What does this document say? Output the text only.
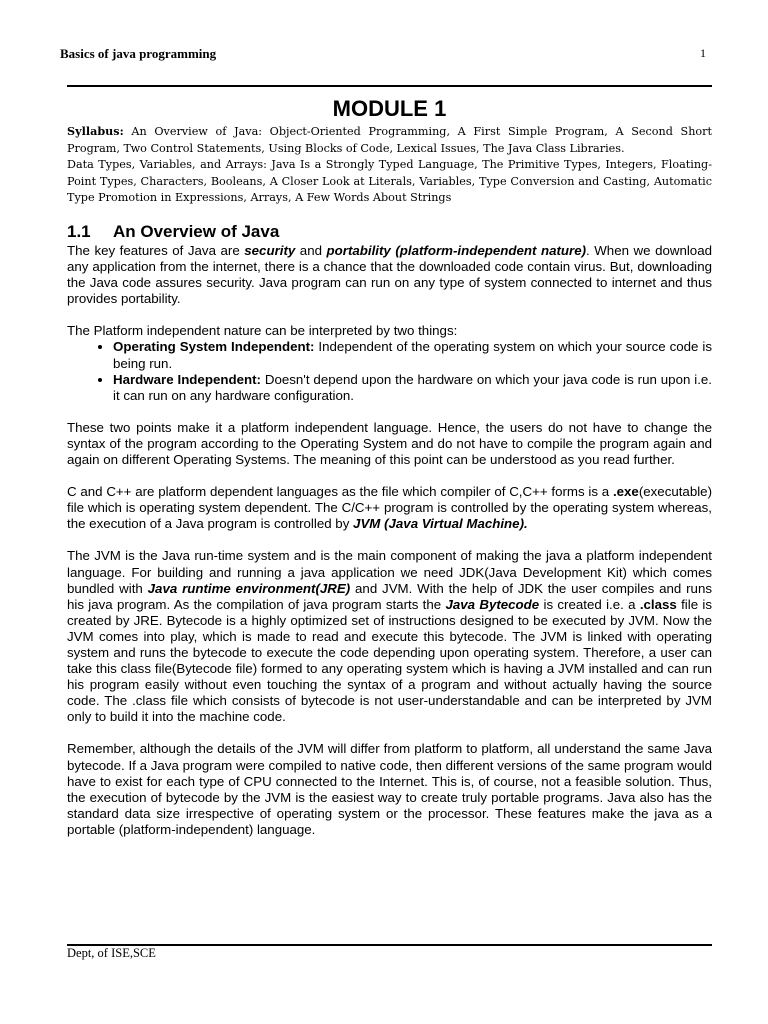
Basics of java programming	1
MODULE 1

Syllabus: An Overview of Java: Object-Oriented Programming, A First Simple Program, A Second Short Program, Two Control Statements, Using Blocks of Code, Lexical Issues, The Java Class Libraries.

Data Types, Variables, and Arrays: Java Is a Strongly Typed Language, The Primitive Types, Integers, Floating-Point Types, Characters, Booleans, A Closer Look at Literals, Variables, Type Conversion and Casting, Automatic Type Promotion in Expressions, Arrays, A Few Words About Strings

1.1 An Overview of Java

The key features of Java are security and portability (platform-independent nature). When we download any application from the internet, there is a chance that the downloaded code contain virus. But, downloading the Java code assures security. Java program can run on any type of system connected to internet and thus provides portability.

The Platform independent nature can be interpreted by two things:

• Operating System Independent: Independent of the operating system on which your source code is being run.
• Hardware Independent: Doesn't depend upon the hardware on which your java code is run upon i.e. it can run on any hardware configuration.

These two points make it a platform independent language. Hence, the users do not have to change the syntax of the program according to the Operating System and do not have to compile the program again and again on different Operating Systems. The meaning of this point can be understood as you read further.

C and C++ are platform dependent languages as the file which compiler of C,C++ forms is a .exe(executable) file which is operating system dependent. The C/C++ program is controlled by the operating system whereas, the execution of a Java program is controlled by JVM (Java Virtual Machine).

The JVM is the Java run-time system and is the main component of making the java a platform independent language. For building and running a java application we need JDK(Java Development Kit) which comes bundled with Java runtime environment(JRE) and JVM. With the help of JDK the user compiles and runs his java program. As the compilation of java program starts the Java Bytecode is created i.e. a .class file is created by JRE. Bytecode is a highly optimized set of instructions designed to be executed by JVM. Now the JVM comes into play, which is made to read and execute this bytecode. The JVM is linked with operating system and runs the bytecode to execute the code depending upon operating system. Therefore, a user can take this class file(Bytecode file) formed to any operating system which is having a JVM installed and can run his program easily without even touching the syntax of a program and without actually having the source code. The .class file which consists of bytecode is not user-understandable and can be interpreted by JVM only to build it into the machine code.

Remember, although the details of the JVM will differ from platform to platform, all understand the same Java bytecode. If a Java program were compiled to native code, then different versions of the same program would have to exist for each type of CPU connected to the Internet. This is, of course, not a feasible solution. Thus, the execution of bytecode by the JVM is the easiest way to create truly portable programs. Java also has the standard data size irrespective of operating system or the processor. These features make the java as a portable (platform-independent) language.

Dept, of ISE,SCE
